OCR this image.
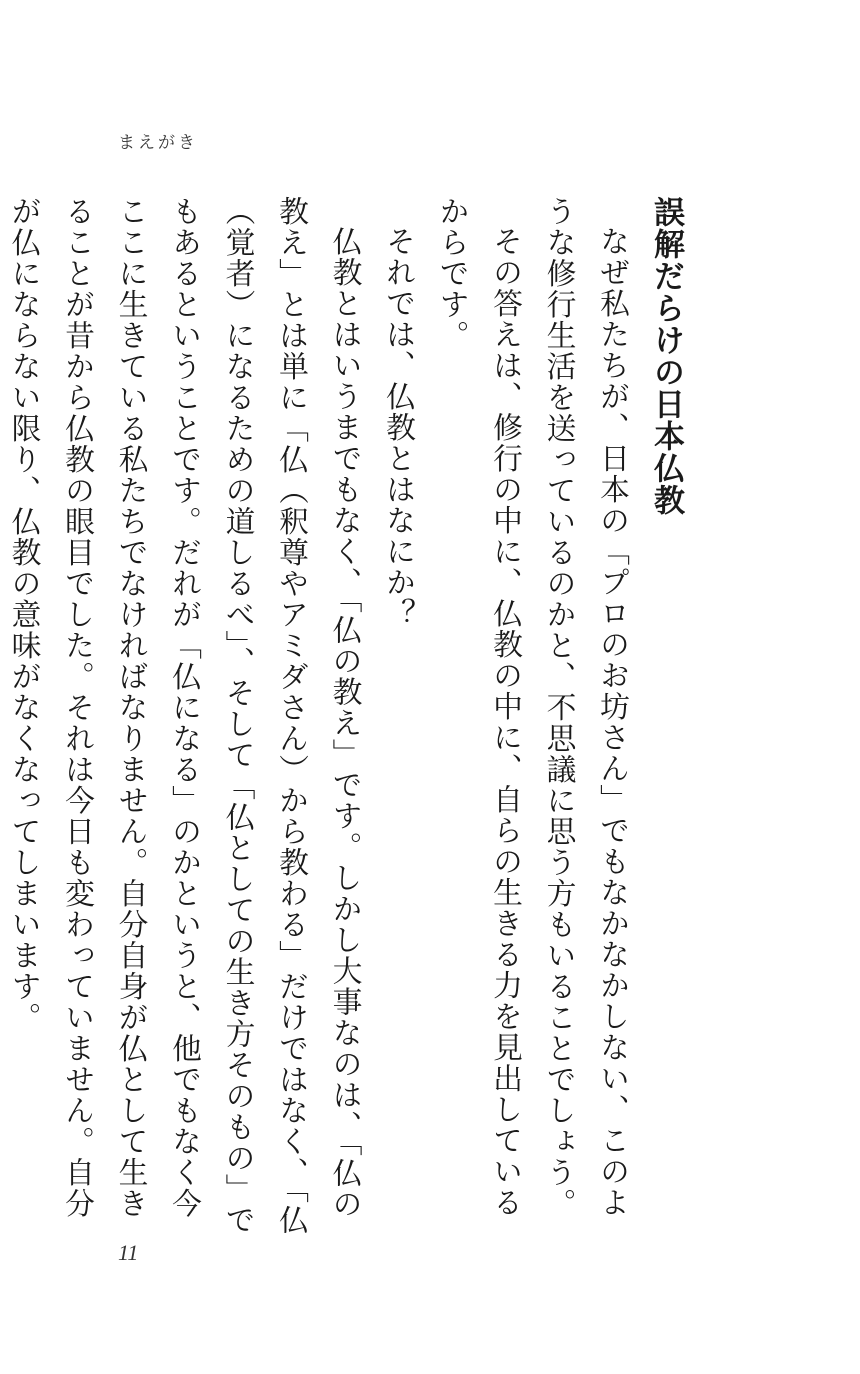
まえがき
誤解だらけの日本仏教

なぜ私たちが、日本の「プロのお坊さん」でもなかなかしない、このような修行生活を送っているのかと、不思議に思う方もいることでしょう。

その答えは、修行の中に、仏教の中に、自らの生きる力を見出しているからです。

それでは、仏教とはなにか？

仏教とはいうまでもなく、「仏の教え」です。しかし大事なのは、「仏の教え」とは単に「仏（釈尊やアミダさん）から教わる」だけではなく、「仏（覚者）になるための道しるべ」、そして「仏としての生き方そのもの」でもあるということです。だれが「仏になる」のかというと、他でもなく今ここに生きている私たちでなければなりません。自分自身が仏として生きることが昔から仏教の眼目でした。それは今日も変わっていません。自分が仏にならない限り、仏教の意味がなくなってしまいます。

11
